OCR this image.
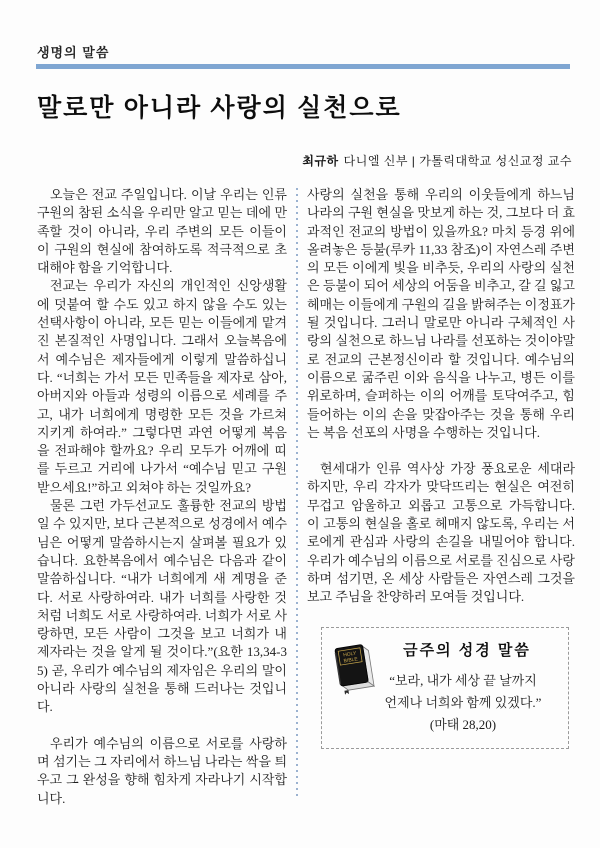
생명의 말씀
말로만 아니라 사랑의 실천으로
최규하 다니엘 신부 | 가톨릭대학교 성신교정 교수

오늘은 전교 주일입니다. 이날 우리는 인류 구원의 참된 소식을 우리만 알고 믿는 데에 만족할 것이 아니라, 우리 주변의 모든 이들이 이 구원의 현실에 참여하도록 적극적으로 초대해야 함을 기억합니다.

전교는 우리가 자신의 개인적인 신앙생활에 덧붙여 할 수도 있고 하지 않을 수도 있는 선택사항이 아니라, 모든 믿는 이들에게 맡겨진 본질적인 사명입니다. 그래서 오늘복음에서 예수님은 제자들에게 이렇게 말씀하십니다. “너희는 가서 모든 민족들을 제자로 삼아, 아버지와 아들과 성령의 이름으로 세례를 주고, 내가 너희에게 명령한 모든 것을 가르쳐 지키게 하여라.” 그렇다면 과연 어떻게 복음을 전파해야 할까요? 우리 모두가 어깨에 띠를 두르고 거리에 나가서 “예수님 믿고 구원받으세요!”하고 외쳐야 하는 것일까요?

물론 그런 가두선교도 훌륭한 전교의 방법일 수 있지만, 보다 근본적으로 성경에서 예수님은 어떻게 말씀하시는지 살펴볼 필요가 있습니다. 요한복음에서 예수님은 다음과 같이 말씀하십니다. “내가 너희에게 새 계명을 준다. 서로 사랑하여라. 내가 너희를 사랑한 것처럼 너희도 서로 사랑하여라. 너희가 서로 사랑하면, 모든 사람이 그것을 보고 너희가 내 제자라는 것을 알게 될 것이다.”(요한 13,34-35) 곧, 우리가 예수님의 제자임은 우리의 말이 아니라 사랑의 실천을 통해 드러나는 것입니다.

우리가 예수님의 이름으로 서로를 사랑하며 섬기는 그 자리에서 하느님 나라는 싹을 틔우고 그 완성을 향해 힘차게 자라나기 시작합니다.

사랑의 실천을 통해 우리의 이웃들에게 하느님 나라의 구원 현실을 맛보게 하는 것, 그보다 더 효과적인 전교의 방법이 있을까요? 마치 등경 위에 올려놓은 등불(루카 11,33 참조)이 자연스레 주변의 모든 이에게 빛을 비추듯, 우리의 사랑의 실천은 등불이 되어 세상의 어둠을 비추고, 갈 길 잃고 헤매는 이들에게 구원의 길을 밝혀주는 이정표가 될 것입니다. 그러니 말로만 아니라 구체적인 사랑의 실천으로 하느님 나라를 선포하는 것이야말로 전교의 근본정신이라 할 것입니다. 예수님의 이름으로 굶주린 이와 음식을 나누고, 병든 이를 위로하며, 슬퍼하는 이의 어깨를 토닥여주고, 힘들어하는 이의 손을 맞잡아주는 것을 통해 우리는 복음 선포의 사명을 수행하는 것입니다.

현세대가 인류 역사상 가장 풍요로운 세대라 하지만, 우리 각자가 맞닥뜨리는 현실은 여전히 무겁고 암울하고 외롭고 고통으로 가득합니다. 이 고통의 현실을 홀로 헤매지 않도록, 우리는 서로에게 관심과 사랑의 손길을 내밀어야 합니다. 우리가 예수님의 이름으로 서로를 진심으로 사랑하며 섬기면, 온 세상 사람들은 자연스레 그것을 보고 주님을 찬양하러 모여들 것입니다.

HOLY
BIBLE
금주의 성경 말씀
“보라, 내가 세상 끝 날까지
언제나 너희와 함께 있겠다.”
(마태 28,20)
